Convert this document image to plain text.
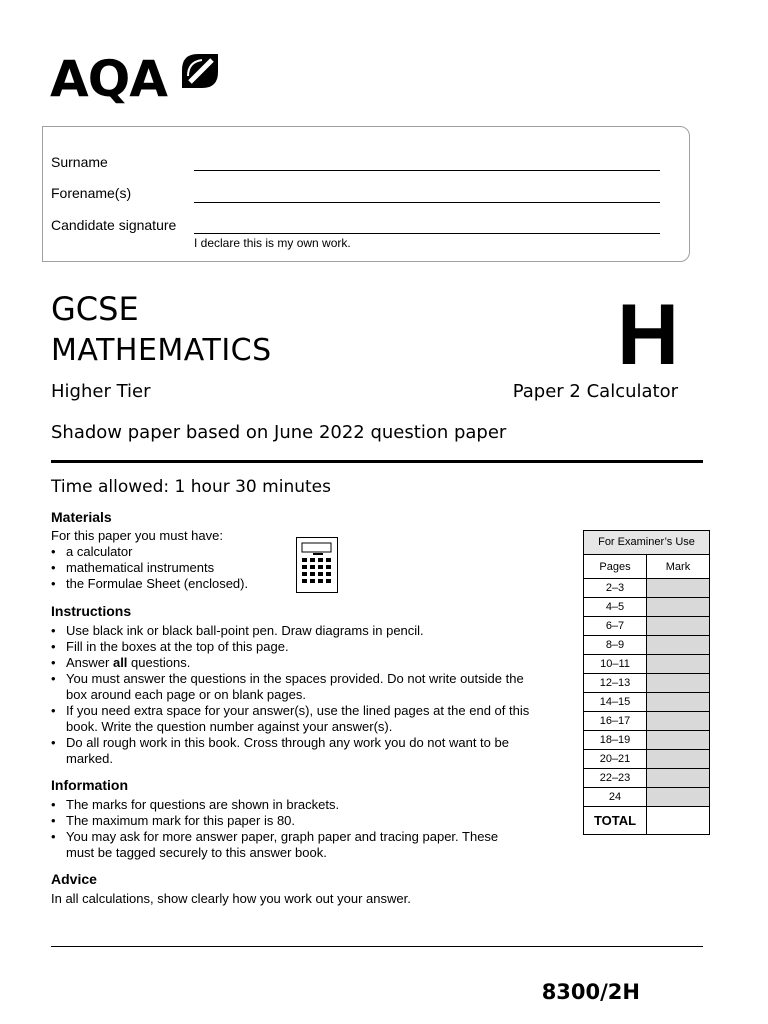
AQA
Surname
Forename(s)
Candidate signature
I declare this is my own work.
GCSE
MATHEMATICS	H
Higher Tier	Paper 2 Calculator
Shadow paper based on June 2022 question paper
Time allowed: 1 hour 30 minutes
Materials
For this paper you must have:
• a calculator
• mathematical instruments
• the Formulae Sheet (enclosed).
Instructions
• Use black ink or black ball-point pen. Draw diagrams in pencil.
• Fill in the boxes at the top of this page.
• Answer all questions.
• You must answer the questions in the spaces provided. Do not write outside the box around each page or on blank pages.
• If you need extra space for your answer(s), use the lined pages at the end of this book. Write the question number against your answer(s).
• Do all rough work in this book. Cross through any work you do not want to be marked.
Information
• The marks for questions are shown in brackets.
• The maximum mark for this paper is 80.
• You may ask for more answer paper, graph paper and tracing paper. These must be tagged securely to this answer book.
Advice
In all calculations, show clearly how you work out your answer.
For Examiner’s Use
Pages	Mark
2–3
4–5
6–7
8–9
10–11
12–13
14–15
16–17
18–19
20–21
22–23
24
TOTAL
8300/2H
